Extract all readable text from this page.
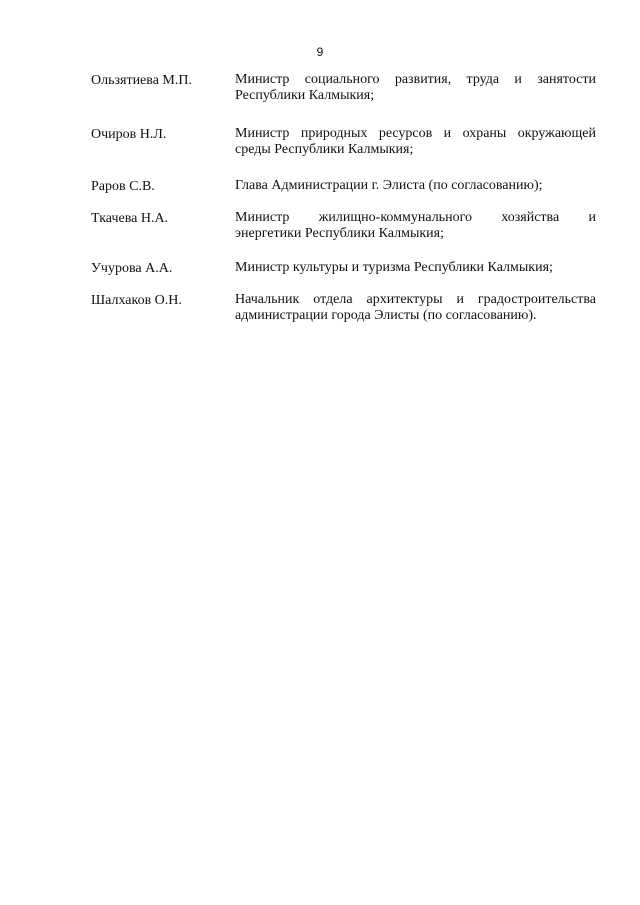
9
Ользятиева М.П.	Министр социального развития, труда и занятости
Республики Калмыкия;
Очиров Н.Л.	Министр природных ресурсов и охраны окружающей
среды Республики Калмыкия;
Раров С.В.	Глава Администрации г. Элиста (по согласованию);
Ткачева Н.А.	Министр жилищно-коммунального хозяйства и
энергетики Республики Калмыкия;
Учурова А.А.	Министр культуры и туризма Республики Калмыкия;
Шалхаков О.Н.	Начальник отдела архитектуры и градостроительства
администрации города Элисты (по согласованию).
